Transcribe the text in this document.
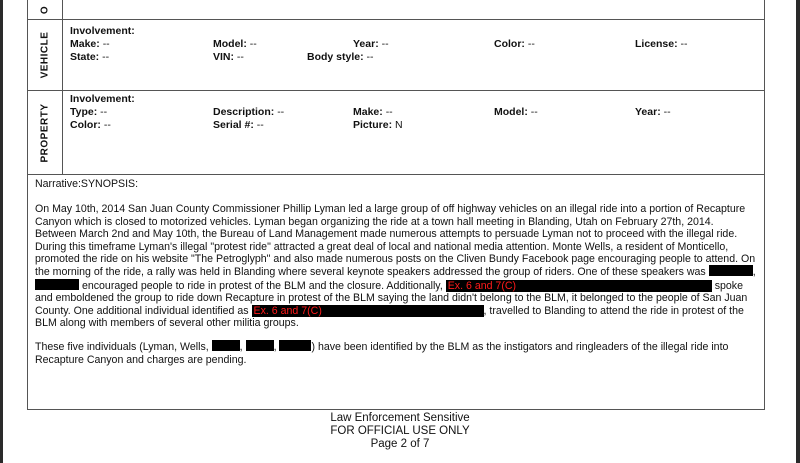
O
VEHICLE
Involvement:
Make: --	Model: --	Year: --	Color: --	License: --
State: --	VIN: --	Body style: --
PROPERTY
Involvement:
Type: --	Description: --	Make: --	Model: --	Year: --
Color: --	Serial #: --	Picture: N

Narrative:SYNOPSIS:

On May 10th, 2014 San Juan County Commissioner Phillip Lyman led a large group of off highway vehicles on an illegal ride into a portion of Recapture Canyon which is closed to motorized vehicles. Lyman began organizing the ride at a town hall meeting in Blanding, Utah on February 27th, 2014. Between March 2nd and May 10th, the Bureau of Land Management made numerous attempts to persuade Lyman not to proceed with the illegal ride. During this timeframe Lyman's illegal "protest ride" attracted a great deal of local and national media attention. Monte Wells, a resident of Monticello, promoted the ride on his website "The Petroglyph" and also made numerous posts on the Cliven Bundy Facebook page encouraging people to attend. On the morning of the ride, a rally was held in Blanding where several keynote speakers addressed the group of riders. One of these speakers was	,  encouraged people to ride in protest of the BLM and the closure. Additionally, Ex. 6 and 7(C)	spoke and emboldened the group to ride down Recapture in protest of the BLM saying the land didn't belong to the BLM, it belonged to the people of San Juan County. One additional individual identified as Ex. 6 and 7(C)	, travelled to Blanding to attend the ride in protest of the BLM along with members of several other militia groups.

These five individuals (Lyman, Wells,	,	,	) have been identified by the BLM as the instigators and ringleaders of the illegal ride into Recapture Canyon and charges are pending.

Law Enforcement Sensitive
FOR OFFICIAL USE ONLY
Page 2 of 7
